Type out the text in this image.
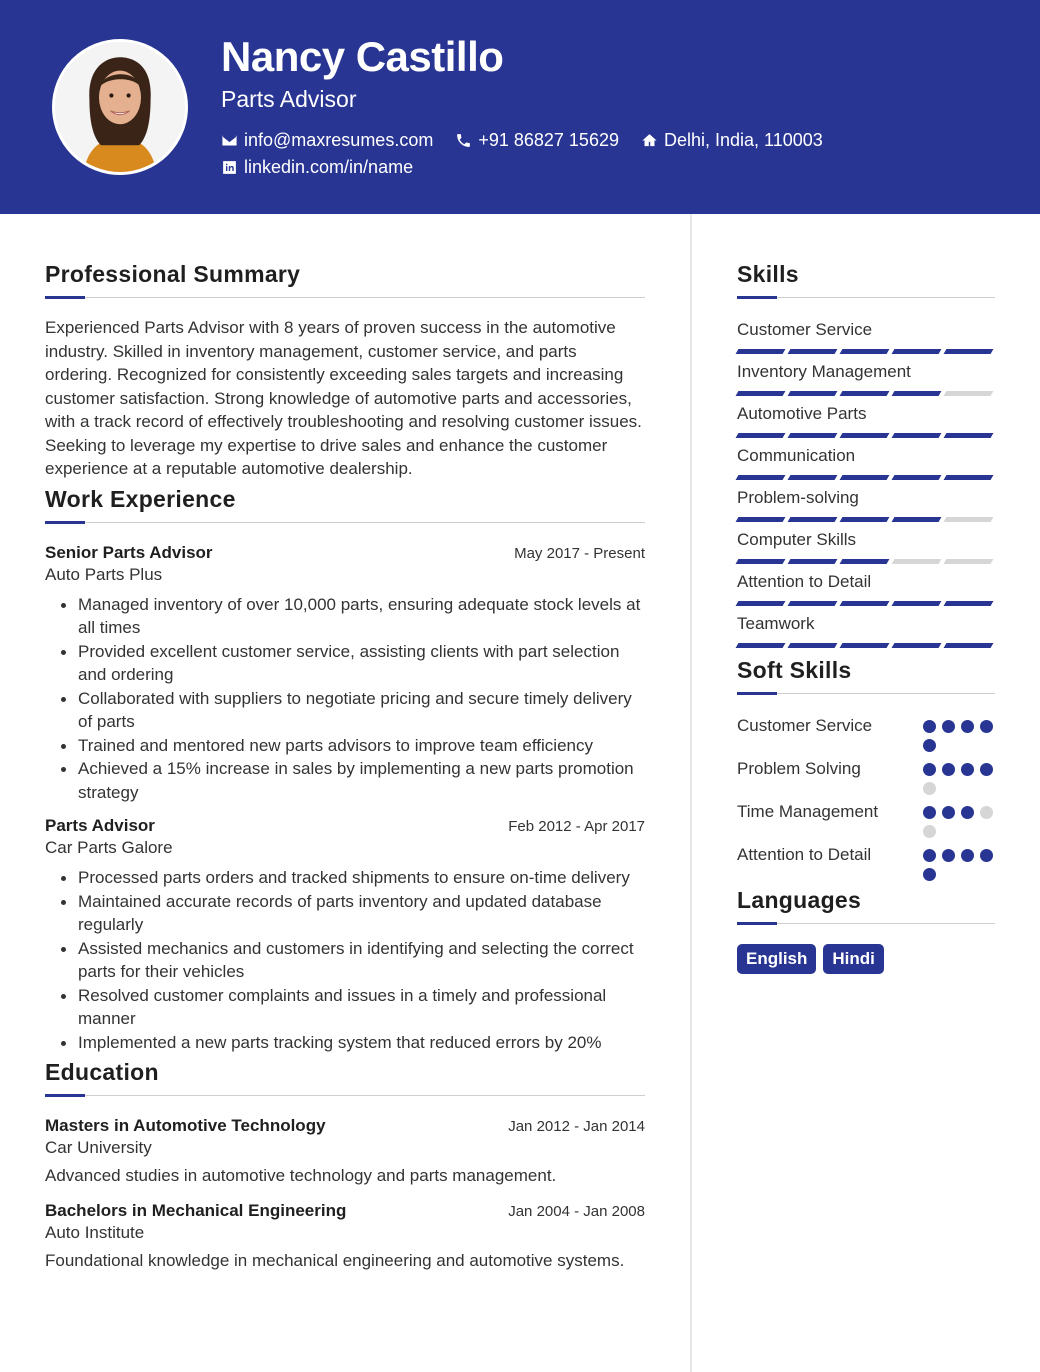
Nancy Castillo
Parts Advisor
info@maxresumes.com	+91 86827 15629	Delhi, India, 110003
linkedin.com/in/name
Professional Summary
Experienced Parts Advisor with 8 years of proven success in the automotive industry. Skilled in inventory management, customer service, and parts ordering. Recognized for consistently exceeding sales targets and increasing customer satisfaction. Strong knowledge of automotive parts and accessories, with a track record of effectively troubleshooting and resolving customer issues. Seeking to leverage my expertise to drive sales and enhance the customer experience at a reputable automotive dealership.
Work Experience
Senior Parts Advisor	May 2017 - Present
Auto Parts Plus
Managed inventory of over 10,000 parts, ensuring adequate stock levels at all times
Provided excellent customer service, assisting clients with part selection and ordering
Collaborated with suppliers to negotiate pricing and secure timely delivery of parts
Trained and mentored new parts advisors to improve team efficiency
Achieved a 15% increase in sales by implementing a new parts promotion strategy
Parts Advisor	Feb 2012 - Apr 2017
Car Parts Galore
Processed parts orders and tracked shipments to ensure on-time delivery
Maintained accurate records of parts inventory and updated database regularly
Assisted mechanics and customers in identifying and selecting the correct parts for their vehicles
Resolved customer complaints and issues in a timely and professional manner
Implemented a new parts tracking system that reduced errors by 20%
Education
Masters in Automotive Technology	Jan 2012 - Jan 2014
Car University
Advanced studies in automotive technology and parts management.
Bachelors in Mechanical Engineering	Jan 2004 - Jan 2008
Auto Institute
Foundational knowledge in mechanical engineering and automotive systems.
Skills
Customer Service
Inventory Management
Automotive Parts
Communication
Problem-solving
Computer Skills
Attention to Detail
Teamwork
Soft Skills
Customer Service
Problem Solving
Time Management
Attention to Detail
Languages
English	Hindi
